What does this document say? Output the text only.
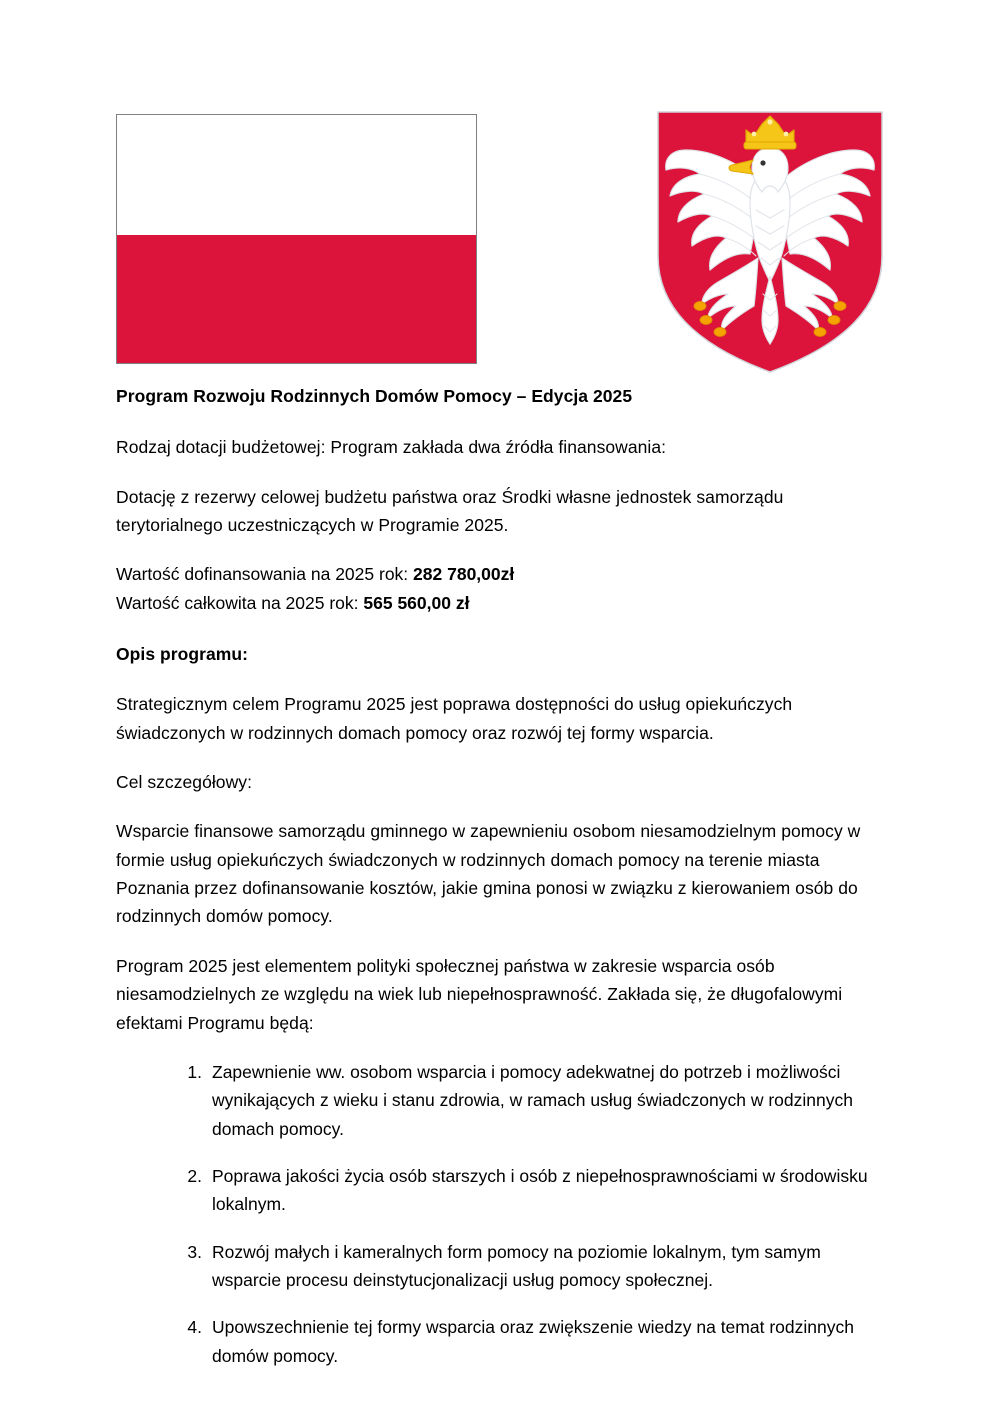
Program Rozwoju Rodzinnych Domów Pomocy – Edycja 2025

Rodzaj dotacji budżetowej: Program zakłada dwa źródła finansowania:

Dotację z rezerwy celowej budżetu państwa oraz Środki własne jednostek samorządu terytorialnego uczestniczących w Programie 2025.

Wartość dofinansowania na 2025 rok: 282 780,00zł

Wartość całkowita na 2025 rok: 565 560,00 zł

Opis programu:

Strategicznym celem Programu 2025 jest poprawa dostępności do usług opiekuńczych świadczonych w rodzinnych domach pomocy oraz rozwój tej formy wsparcia.

Cel szczegółowy:

Wsparcie finansowe samorządu gminnego w zapewnieniu osobom niesamodzielnym pomocy w formie usług opiekuńczych świadczonych w rodzinnych domach pomocy na terenie miasta Poznania przez dofinansowanie kosztów, jakie gmina ponosi w związku z kierowaniem osób do rodzinnych domów pomocy.

Program 2025 jest elementem polityki społecznej państwa w zakresie wsparcia osób niesamodzielnych ze względu na wiek lub niepełnosprawność. Zakłada się, że długofalowymi efektami Programu będą:

Zapewnienie ww. osobom wsparcia i pomocy adekwatnej do potrzeb i możliwości wynikających z wieku i stanu zdrowia, w ramach usług świadczonych w rodzinnych domach pomocy.
Poprawa jakości życia osób starszych i osób z niepełnosprawnościami w środowisku lokalnym.
Rozwój małych i kameralnych form pomocy na poziomie lokalnym, tym samym wsparcie procesu deinstytucjonalizacji usług pomocy społecznej.
Upowszechnienie tej formy wsparcia oraz zwiększenie wiedzy na temat rodzinnych domów pomocy.
